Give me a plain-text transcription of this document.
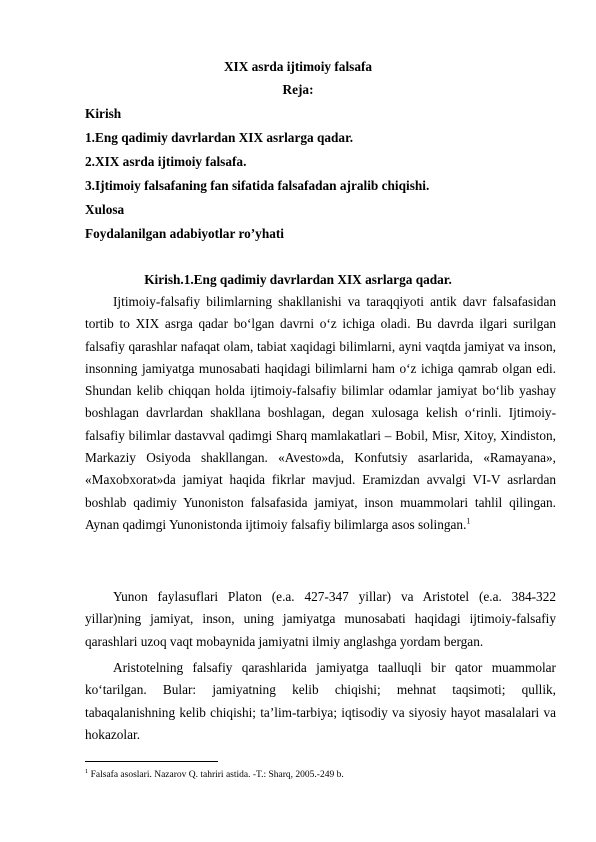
XIX asrda ijtimoiy falsafa
Reja:
Kirish
1.Eng qadimiy davrlardan XIX asrlarga qadar.
2.XIX asrda ijtimoiy falsafa.
3.Ijtimoiy falsafaning fan sifatida falsafadan ajralib chiqishi.
Xulosa
Foydalanilgan adabiyotlar ro’yhati
Kirish.1.Eng qadimiy davrlardan XIX asrlarga qadar.

Ijtimoiy-falsafiy bilimlarning shakllanishi va taraqqiyoti antik davr falsafasidan tortib to XIX asrga qadar bo‘lgan davrni o‘z ichiga oladi. Bu davrda ilgari surilgan falsafiy qarashlar nafaqat olam, tabiat xaqidagi bilimlarni, ayni vaqtda jamiyat va inson, insonning jamiyatga munosabati haqidagi bilimlarni ham o‘z ichiga qamrab olgan edi. Shundan kelib chiqqan holda ijtimoiy-falsafiy bilimlar odamlar jamiyat bo‘lib yashay boshlagan davrlardan shakllana boshlagan, degan xulosaga kelish o‘rinli. Ijtimoiy-falsafiy bilimlar dastavval qadimgi Sharq mamlakatlari – Bobil, Misr, Xitoy, Xindiston, Markaziy Osiyoda shakllangan. «Avesto»da, Konfutsiy asarlarida, «Ramayana», «Maxobxorat»da jamiyat haqida fikrlar mavjud. Eramizdan avvalgi VI-V asrlardan boshlab qadimiy Yunoniston falsafasida jamiyat, inson muammolari tahlil qilingan. Aynan qadimgi Yunonistonda ijtimoiy falsafiy bilimlarga asos solingan.$^1$

Yunon faylasuflari Platon (e.a. 427-347 yillar) va Aristotel (e.a. 384-322 yillar)ning jamiyat, inson, uning jamiyatga munosabati haqidagi ijtimoiy-falsafiy qarashlari uzoq vaqt mobaynida jamiyatni ilmiy anglashga yordam bergan.

Aristotelning falsafiy qarashlarida jamiyatga taalluqli bir qator muammolar ko‘tarilgan. Bular: jamiyatning kelib chiqishi; mehnat taqsimoti; qullik, tabaqalanishning kelib chiqishi; ta’lim-tarbiya; iqtisodiy va siyosiy hayot masalalari va hokazolar.

$^1$ Falsafa asoslari. Nazarov Q. tahriri astida. -T.: Sharq, 2005.-249 b.
